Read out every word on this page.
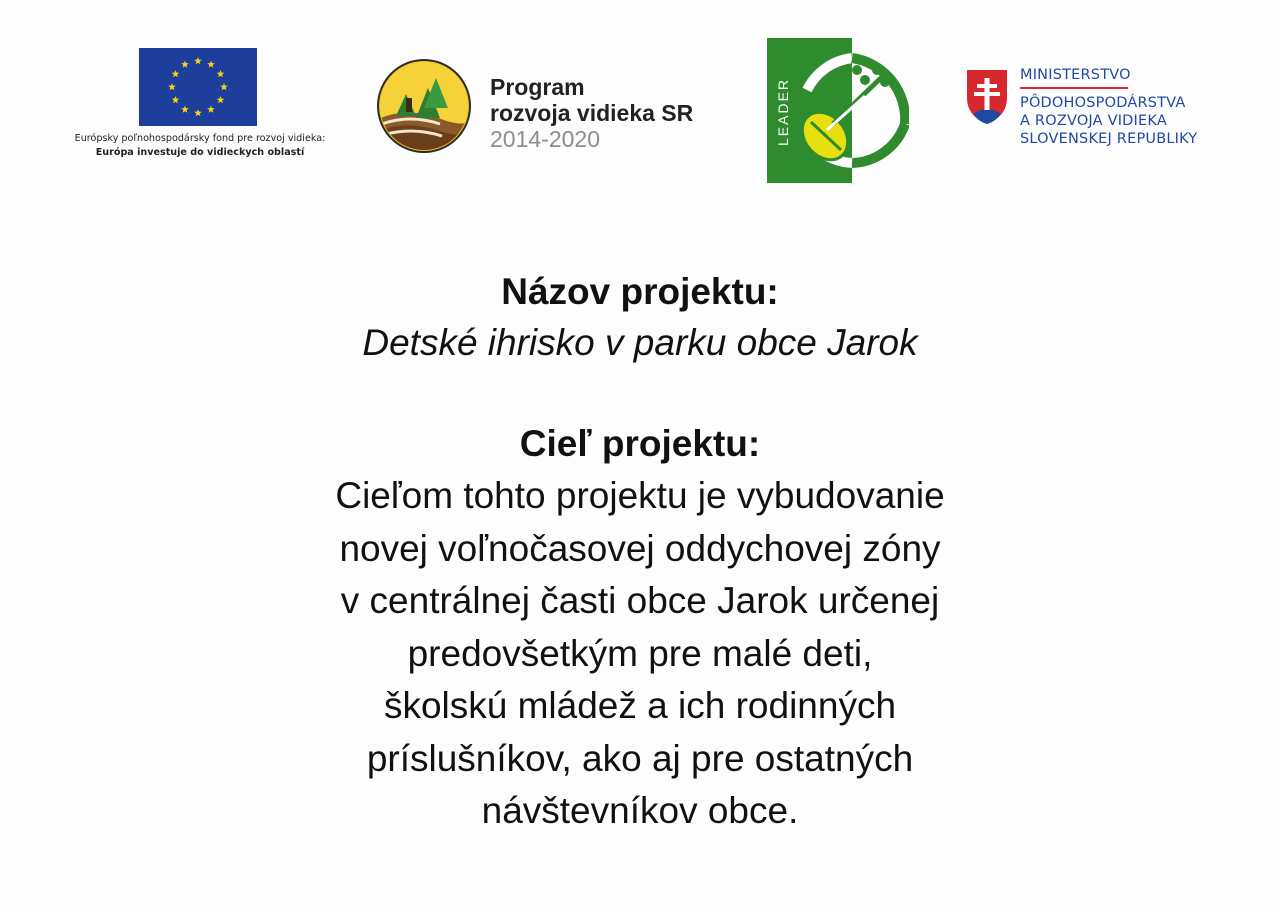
Európsky poľnohospodársky fond pre rozvoj vidieka:
Európa investuje do vidieckych oblastí
Program
rozvoja vidieka SR
2014-2020	LEADER
MINISTERSTVO
PÔDOHOSPODÁRSTVA
A ROZVOJA VIDIEKA
SLOVENSKEJ REPUBLIKY
Názov projektu:
Detské ihrisko v parku obce Jarok
Cieľ projektu:
Cieľom tohto projektu je vybudovanie
novej voľnočasovej oddychovej zóny
v centrálnej časti obce Jarok určenej
predovšetkým pre malé deti,
školskú mládež a ich rodinných
príslušníkov, ako aj pre ostatných
návštevníkov obce.
